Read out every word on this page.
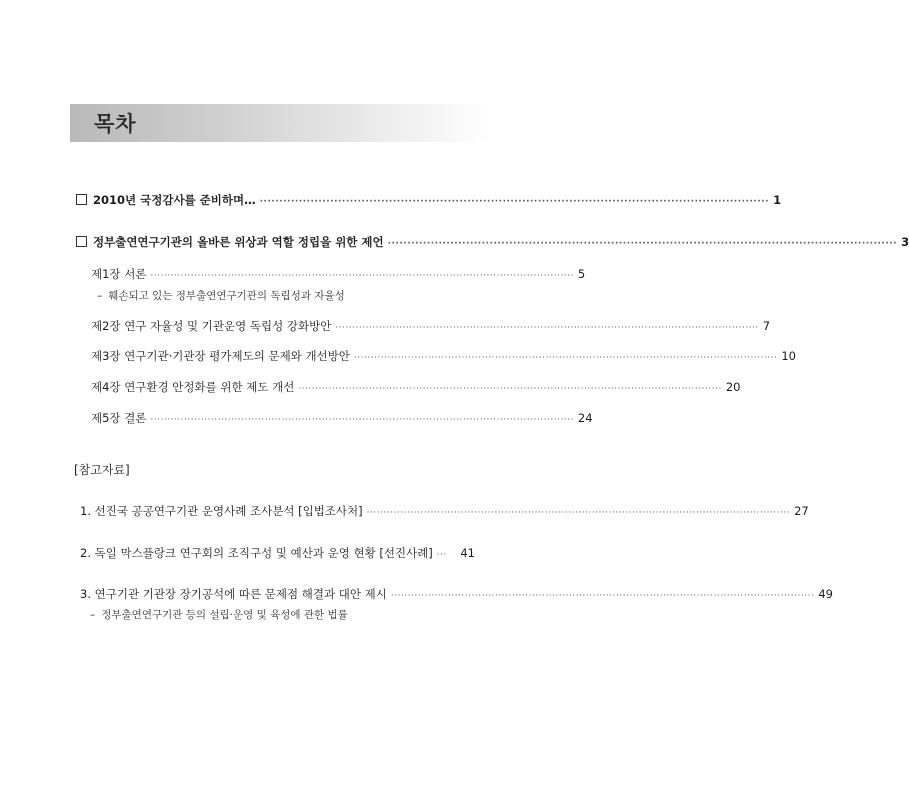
목차
2010년 국정감사를 준비하며… ·································································································································· 1
정부출연연구기관의 올바른 위상과 역할 정립을 위한 제언 ·································································································································· 3
제1장 서론 ······························································································································ 5
– 훼손되고 있는 정부출연연구기관의 독립성과 자율성
제2장 연구 자율성 및 기관운영 독립성 강화방안 ······························································································································ 7
제3장 연구기관·기관장 평가제도의 문제와 개선방안 ······························································································································ 10
제4장 연구환경 안정화를 위한 제도 개선 ······························································································································ 20
제5장 결론 ······························································································································ 24
[참고자료]
1. 선진국 공공연구기관 운영사례 조사분석 [입법조사처] ······························································································································ 27
2. 독일 막스플랑크 연구회의 조직구성 및 예산과 운영 현황 [선진사례] ···	41
3. 연구기관 기관장 장기공석에 따른 문제점 해결과 대안 제시 ······························································································································ 49
– 정부출연연구기관 등의 설립·운영 및 육성에 관한 법률
